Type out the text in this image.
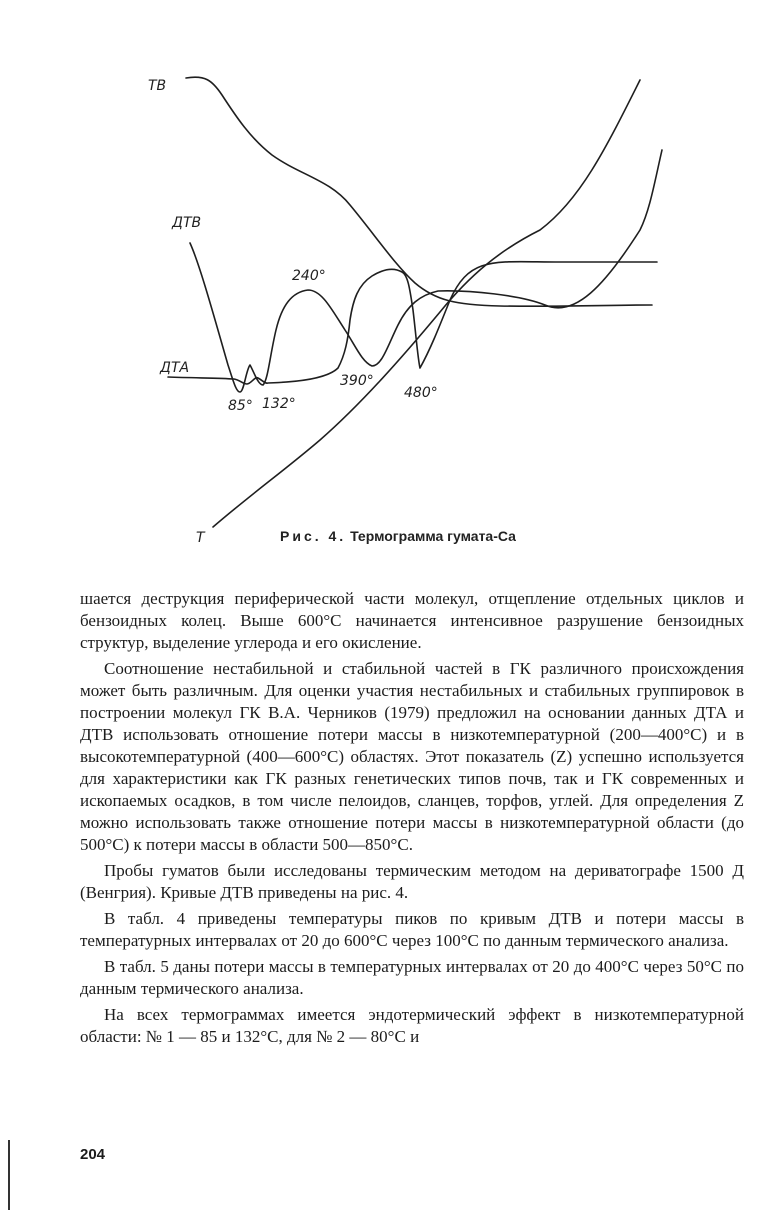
ТВ
ДТВ
ДТА
Т
85° 132°
240°
390°
480°
Рис. 4. Термограмма гумата-Са

шается деструкция периферической части молекул, отщепление отдельных циклов и бензоидных колец. Выше 600°С начинается интенсивное разрушение бензоидных структур, выделение углерода и его окисление.

Соотношение нестабильной и стабильной частей в ГК различного происхождения может быть различным. Для оценки участия нестабильных и стабильных группировок в построении молекул ГК В.А. Черников (1979) предложил на основании данных ДТА и ДТВ использовать отношение потери массы в низкотемпературной (200—400°С) и в высокотемпературной (400—600°С) областях. Этот показатель (Z) успешно используется для характеристики как ГК разных генетических типов почв, так и ГК современных и ископаемых осадков, в том числе пелоидов, сланцев, торфов, углей. Для определения Z можно использовать также отношение потери массы в низкотемпературной области (до 500°С) к потери массы в области 500—850°С.

Пробы гуматов были исследованы термическим методом на дериватографе 1500 Д (Венгрия). Кривые ДТВ приведены на рис. 4.

В табл. 4 приведены температуры пиков по кривым ДТВ и потери массы в температурных интервалах от 20 до 600°С через 100°С по данным термического анализа.

В табл. 5 даны потери массы в температурных интервалах от 20 до 400°С через 50°С по данным термического анализа.

На всех термограммах имеется эндотермический эффект в низкотемпературной области: № 1 — 85 и 132°С, для № 2 — 80°С и

204
